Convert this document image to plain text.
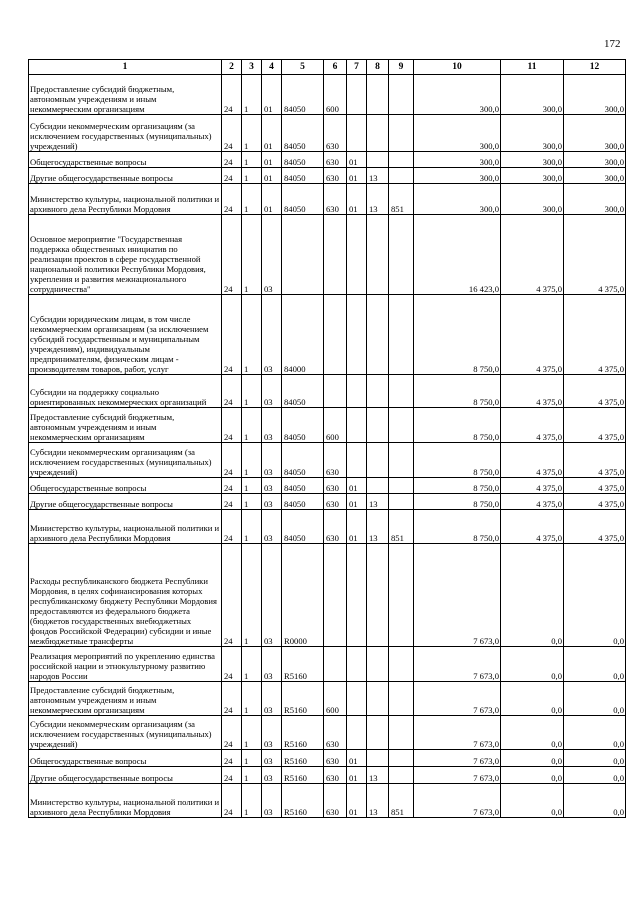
172
1	2	3	4	5	6	7	8	9	10	11	12
Предоставление субсидий бюджетным, автономным учреждениям и иным некоммерческим организациям	24	1	01	84050	600				300,0	300,0	300,0
Субсидии некоммерческим организациям (за исключением государственных (муниципальных) учреждений)	24	1	01	84050	630				300,0	300,0	300,0
Общегосударственные вопросы	24	1	01	84050	630	01			300,0	300,0	300,0
Другие общегосударственные вопросы	24	1	01	84050	630	01	13		300,0	300,0	300,0
Министерство культуры, национальной политики и архивного дела Республики Мордовия	24	1	01	84050	630	01	13	851	300,0	300,0	300,0
Основное мероприятие "Государственная поддержка общественных инициатив по реализации проектов в сфере государственной национальной политики Республики Мордовия, укрепления и развития межнационального сотрудничества"	24	1	03						16 423,0	4 375,0	4 375,0
Субсидии юридическим лицам, в том числе некоммерческим организациям (за исключением субсидий государственным и муниципальным учреждениям), индивидуальным предпринимателям, физическим лицам - производителям товаров, работ, услуг	24	1	03	84000					8 750,0	4 375,0	4 375,0
Субсидии на поддержку социально ориентированных некоммерческих организаций	24	1	03	84050					8 750,0	4 375,0	4 375,0
Предоставление субсидий бюджетным, автономным учреждениям и иным некоммерческим организациям	24	1	03	84050	600				8 750,0	4 375,0	4 375,0
Субсидии некоммерческим организациям (за исключением государственных (муниципальных) учреждений)	24	1	03	84050	630				8 750,0	4 375,0	4 375,0
Общегосударственные вопросы	24	1	03	84050	630	01			8 750,0	4 375,0	4 375,0
Другие общегосударственные вопросы	24	1	03	84050	630	01	13		8 750,0	4 375,0	4 375,0
Министерство культуры, национальной политики и архивного дела Республики Мордовия	24	1	03	84050	630	01	13	851	8 750,0	4 375,0	4 375,0
Расходы республиканского бюджета Республики Мордовия, в целях софинансирования которых республиканскому бюджету Республики Мордовия предоставляются из федерального бюджета (бюджетов государственных внебюджетных фондов Российской Федерации) субсидии и иные межбюджетные трансферты	24	1	03	R0000					7 673,0	0,0	0,0
Реализация мероприятий по укреплению единства российской нации и этнокультурному развитию народов России	24	1	03	R5160					7 673,0	0,0	0,0
Предоставление субсидий бюджетным, автономным учреждениям и иным некоммерческим организациям	24	1	03	R5160	600				7 673,0	0,0	0,0
Субсидии некоммерческим организациям (за исключением государственных (муниципальных) учреждений)	24	1	03	R5160	630				7 673,0	0,0	0,0
Общегосударственные вопросы	24	1	03	R5160	630	01			7 673,0	0,0	0,0
Другие общегосударственные вопросы	24	1	03	R5160	630	01	13		7 673,0	0,0	0,0
Министерство культуры, национальной политики и архивного дела Республики Мордовия	24	1	03	R5160	630	01	13	851	7 673,0	0,0	0,0
